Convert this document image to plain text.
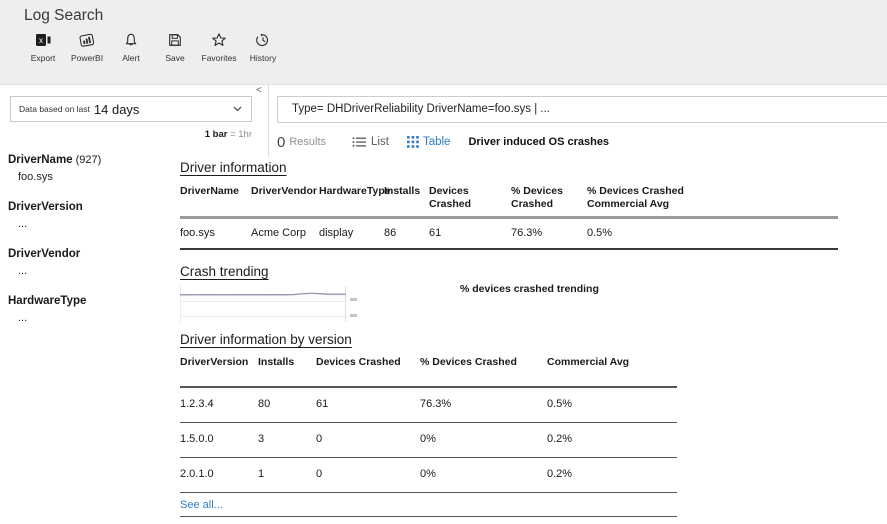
Log Search
x
Export	PowerBI	Alert	Save	Favorites	History
Data based on last 14 days
1 bar = 1hr
DriverName (927)
foo.sys
DriverVersion
...
DriverVendor
...
HardwareType
...
<
Type= DHDriverReliability DriverName=foo.sys | ...
0 Results	List	Table Driver induced OS crashes
Driver information
DriverName	DriverVendor	HardwareType	Installs	Devices Crashed	% Devices Crashed	% Devices Crashed Commercial Avg
foo.sys	Acme Corp	display	86	61	76.3%	0.5%
Crash trending
% devices crashed trending
Driver information by version
DriverVersion	Installs	Devices Crashed	% Devices Crashed	Commercial Avg
1.2.3.4	80	61	76.3%	0.5%
1.5.0.0	3	0	0%	0.2%
2.0.1.0	1	0	0%	0.2%
See all...
